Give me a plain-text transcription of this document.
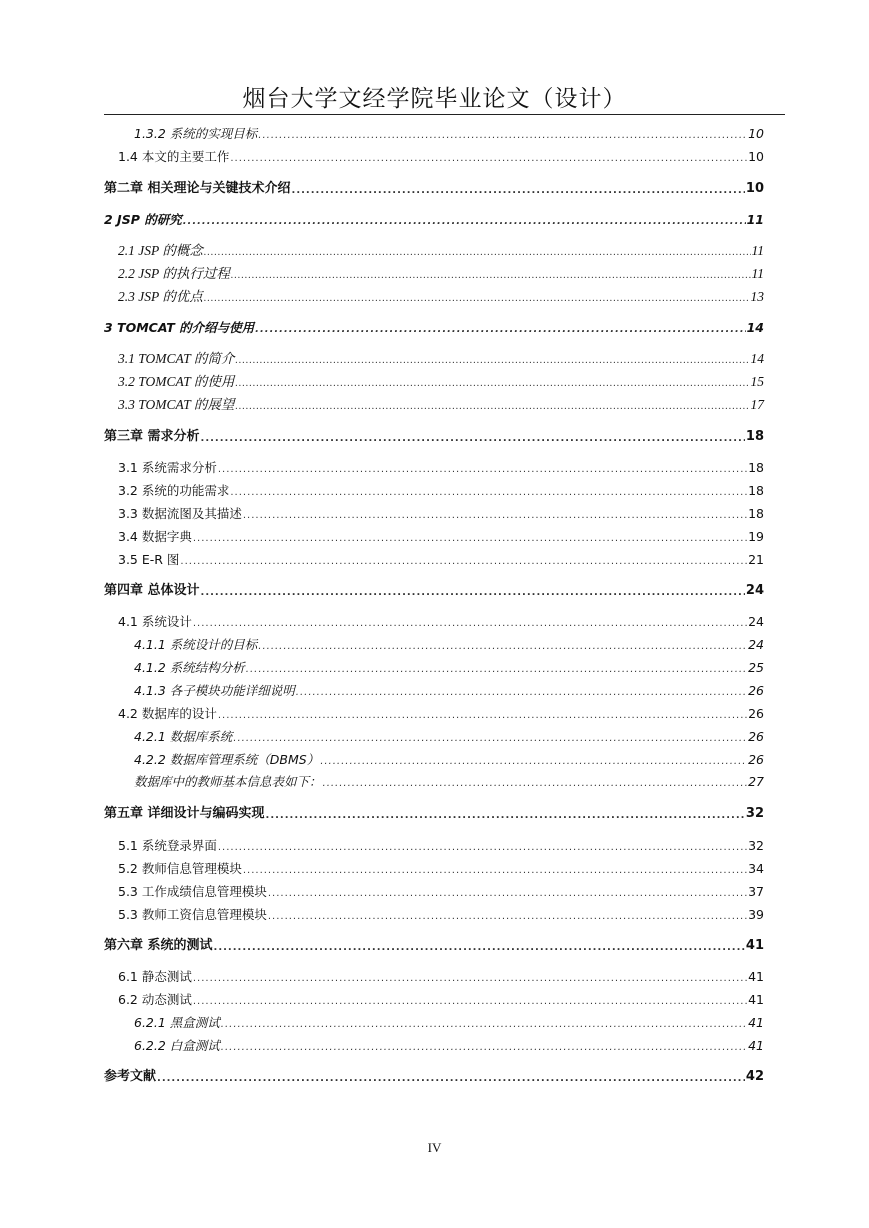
烟台大学文经学院毕业论文（设计）
1.3.2 系统的实现目标 .....	10
1.4 本文的主要工作 .....	10
第二章 相关理论与关键技术介绍 .....	10
2 JSP 的研究 .....	11
2.1 JSP 的概念 .....	11
2.2 JSP 的执行过程 .....	11
2.3 JSP 的优点 .....	13
3 TOMCAT 的介绍与使用 .....	14
3.1 TOMCAT 的简介 .....	14
3.2 TOMCAT 的使用 .....	15
3.3 TOMCAT 的展望 .....	17
第三章 需求分析 .....	18
3.1 系统需求分析 .....	18
3.2 系统的功能需求 .....	18
3.3 数据流图及其描述 .....	18
3.4 数据字典 .....	19
3.5 E-R 图 .....	21
第四章 总体设计 .....	24
4.1 系统设计 .....	24
4.1.1 系统设计的目标 .....	24
4.1.2 系统结构分析 .....	25
4.1.3 各子模块功能详细说明 .....	26
4.2 数据库的设计 .....	26
4.2.1 数据库系统 .....	26
4.2.2 数据库管理系统（DBMS） .....	26
数据库中的教师基本信息表如下： .....	27
第五章 详细设计与编码实现 .....	32
5.1 系统登录界面 .....	32
5.2 教师信息管理模块 .....	34
5.3 工作成绩信息管理模块 .....	37
5.3 教师工资信息管理模块 .....	39
第六章 系统的测试 .....	41
6.1 静态测试 .....	41
6.2 动态测试 .....	41
6.2.1 黑盒测试 .....	41
6.2.2 白盒测试 .....	41
参考文献 .....	42
IV
